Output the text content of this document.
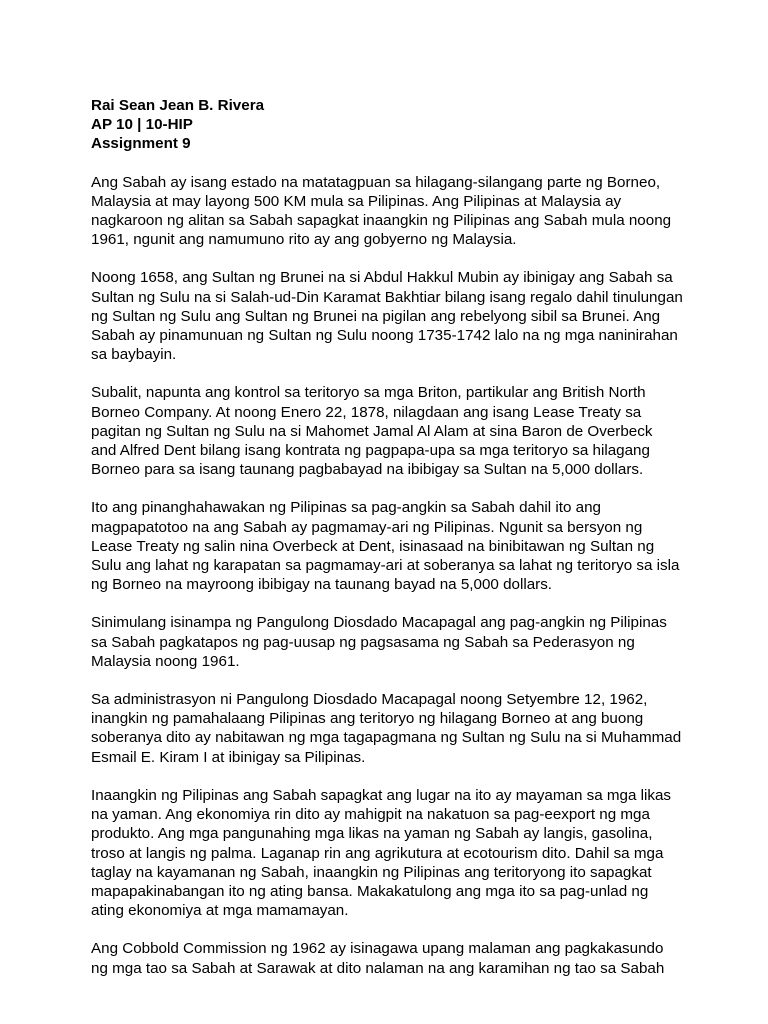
Rai Sean Jean B. Rivera
AP 10 | 10-HIP
Assignment 9
Ang Sabah ay isang estado na matatagpuan sa hilagang-silangang parte ng Borneo,
Malaysia at may layong 500 KM mula sa Pilipinas. Ang Pilipinas at Malaysia ay
nagkaroon ng alitan sa Sabah sapagkat inaangkin ng Pilipinas ang Sabah mula noong
1961, ngunit ang namumuno rito ay ang gobyerno ng Malaysia.
Noong 1658, ang Sultan ng Brunei na si Abdul Hakkul Mubin ay ibinigay ang Sabah sa
Sultan ng Sulu na si Salah-ud-Din Karamat Bakhtiar bilang isang regalo dahil tinulungan
ng Sultan ng Sulu ang Sultan ng Brunei na pigilan ang rebelyong sibil sa Brunei. Ang
Sabah ay pinamunuan ng Sultan ng Sulu noong 1735-1742 lalo na ng mga naninirahan
sa baybayin.
Subalit, napunta ang kontrol sa teritoryo sa mga Briton, partikular ang British North
Borneo Company. At noong Enero 22, 1878, nilagdaan ang isang Lease Treaty sa
pagitan ng Sultan ng Sulu na si Mahomet Jamal Al Alam at sina Baron de Overbeck
and Alfred Dent bilang isang kontrata ng pagpapa-upa sa mga teritoryo sa hilagang
Borneo para sa isang taunang pagbabayad na ibibigay sa Sultan na 5,000 dollars.
Ito ang pinanghahawakan ng Pilipinas sa pag-angkin sa Sabah dahil ito ang
magpapatotoo na ang Sabah ay pagmamay-ari ng Pilipinas. Ngunit sa bersyon ng
Lease Treaty ng salin nina Overbeck at Dent, isinasaad na binibitawan ng Sultan ng
Sulu ang lahat ng karapatan sa pagmamay-ari at soberanya sa lahat ng teritoryo sa isla
ng Borneo na mayroong ibibigay na taunang bayad na 5,000 dollars.
Sinimulang isinampa ng Pangulong Diosdado Macapagal ang pag-angkin ng Pilipinas
sa Sabah pagkatapos ng pag-uusap ng pagsasama ng Sabah sa Pederasyon ng
Malaysia noong 1961.
Sa administrasyon ni Pangulong Diosdado Macapagal noong Setyembre 12, 1962,
inangkin ng pamahalaang Pilipinas ang teritoryo ng hilagang Borneo at ang buong
soberanya dito ay nabitawan ng mga tagapagmana ng Sultan ng Sulu na si Muhammad
Esmail E. Kiram I at ibinigay sa Pilipinas.
Inaangkin ng Pilipinas ang Sabah sapagkat ang lugar na ito ay mayaman sa mga likas
na yaman. Ang ekonomiya rin dito ay mahigpit na nakatuon sa pag-eexport ng mga
produkto. Ang mga pangunahing mga likas na yaman ng Sabah ay langis, gasolina,
troso at langis ng palma. Laganap rin ang agrikutura at ecotourism dito. Dahil sa mga
taglay na kayamanan ng Sabah, inaangkin ng Pilipinas ang teritoryong ito sapagkat
mapapakinabangan ito ng ating bansa. Makakatulong ang mga ito sa pag-unlad ng
ating ekonomiya at mga mamamayan.
Ang Cobbold Commission ng 1962 ay isinagawa upang malaman ang pagkakasundo
ng mga tao sa Sabah at Sarawak at dito nalaman na ang karamihan ng tao sa Sabah
